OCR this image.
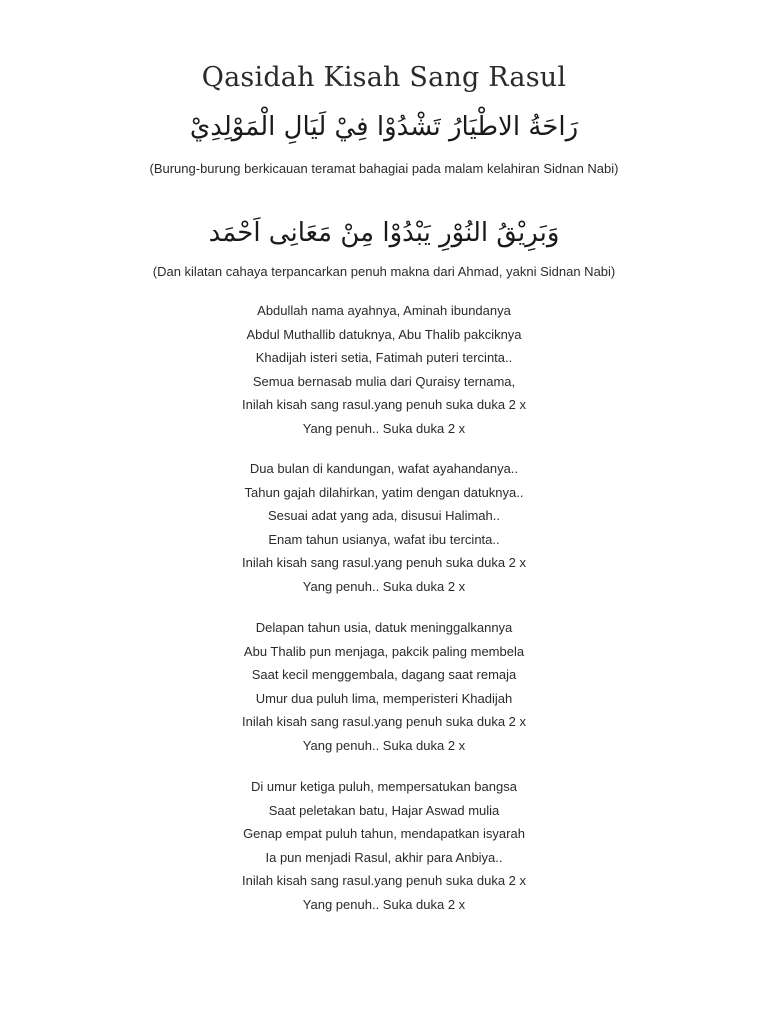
Qasidah Kisah Sang Rasul
رَاحَةُ الاطْيَارُ تَشْدُوْا فِيْ لَيَالِ الْمَوْلِدِيْ
(Burung-burung berkicauan teramat bahagiai pada malam kelahiran Sidnan Nabi)
وَبَرِيْقُ النُوْرِ يَبْدُوْا مِنْ مَعَانِى اَحْمَد
(Dan kilatan cahaya terpancarkan penuh makna dari Ahmad, yakni Sidnan Nabi)
Abdullah nama ayahnya, Aminah ibundanya
Abdul Muthallib datuknya, Abu Thalib pakciknya
Khadijah isteri setia, Fatimah puteri tercinta..
Semua bernasab mulia dari Quraisy ternama,
Inilah kisah sang rasul.yang penuh suka duka 2 x
Yang penuh.. Suka duka 2 x
Dua bulan di kandungan, wafat ayahandanya..
Tahun gajah dilahirkan, yatim dengan datuknya..
Sesuai adat yang ada, disusui Halimah..
Enam tahun usianya, wafat ibu tercinta..
Inilah kisah sang rasul.yang penuh suka duka 2 x
Yang penuh.. Suka duka 2 x
Delapan tahun usia, datuk meninggalkannya
Abu Thalib pun menjaga, pakcik paling membela
Saat kecil menggembala, dagang saat remaja
Umur dua puluh lima, memperisteri Khadijah
Inilah kisah sang rasul.yang penuh suka duka 2 x
Yang penuh.. Suka duka 2 x
Di umur ketiga puluh, mempersatukan bangsa
Saat peletakan batu, Hajar Aswad mulia
Genap empat puluh tahun, mendapatkan isyarah
Ia pun menjadi Rasul, akhir para Anbiya..
Inilah kisah sang rasul.yang penuh suka duka 2 x
Yang penuh.. Suka duka 2 x
